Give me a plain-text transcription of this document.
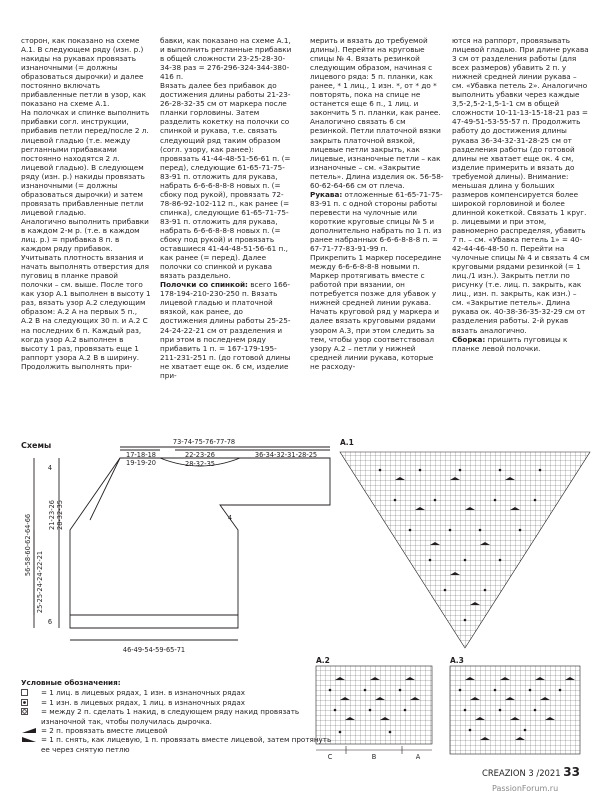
сторон, как показано на схеме А.1. В следующем ряду (изн. р.) накиды на рукавах провязать изнаночными (= должны образоваться дырочки) и далее постоянно включать прибавленные петли в узор, как показано на схеме А.1.

На полочках и спинке выполнить прибавки согл. инструкции, прибавив петли перед/после 2 л. лицевой гладью (т.е. между регланными прибавками постоянно находятся 2 л. лицевой гладью). В следующем ряду (изн. р.) накиды провязать изнаночными (= должны образоваться дырочки) и затем провязать прибавленные петли лицевой гладью.

Аналогично выполнить прибавки в каждом 2-м р. (т.е. в каждом лиц. р.) = прибавка 8 п. в каждом ряду прибавок. Учитывать плотность вязания и начать выполнять отверстия для пуговиц в планке правой полочки – см. выше. После того как узор А.1 выполнен в высоту 1 раз, вязать узор А.2 следующим образом: А.2 А на первых 5 п., А.2 В на следующих 30 п. и А.2 С на последних 6 п. Каждый раз, когда узор А.2 выполнен в высоту 1 раз, провязать еще 1 раппорт узора А.2 В в ширину. Продолжить выполнять при-

бавки, как показано на схеме А.1, и выполнить регланные прибавки в общей сложности 23-25-28-30-34-38 раз = 276-296-324-344-380-416 п.

Вязать далее без прибавок до достижения длины работы 21-23-26-28-32-35 см от маркера после планки горловины. Затем разделить кокетку на полочки со спинкой и рукава, т.е. связать следующий ряд таким образом (согл. узору, как ранее): провязать 41-44-48-51-56-61 п. (= перед), следующие 61-65-71-75-83-91 п. отложить для рукава, набрать 6-6-6-8-8-8 новых п. (= сбоку под рукой), провязать 72-78-86-92-102-112 п., как ранее (= спинка), следующие 61-65-71-75-83-91 п. отложить для рукава, набрать 6-6-6-8-8-8 новых п. (= сбоку под рукой) и провязать оставшиеся 41-44-48-51-56-61 п., как ранее (= перед). Далее полочки со спинкой и рукава вязать раздельно.

Полочки со спинкой: всего 166-178-194-210-230-250 п. Вязать лицевой гладью и платочной вязкой, как ранее, до достижения длины работы 25-25-24-24-22-21 см от разделения и при этом в последнем ряду прибавить 1 п. = 167-179-195-211-231-251 п. (до готовой длины не хватает еще ок. 6 см, изделие при-

мерить и вязать до требуемой длины). Перейти на круговые спицы № 4. Вязать резинкой следующим образом, начиная с лицевого ряда: 5 п. планки, как ранее, * 1 лиц., 1 изн. *, от * до * повторять, пока на спице не останется еще 6 п., 1 лиц. и закончить 5 п. планки, как ранее. Аналогично связать 6 см резинкой. Петли платочной вязки закрыть платочной вязкой, лицевые петли закрыть, как лицевые, изнаночные петли – как изнаночные – см. «Закрытие петель». Длина изделия ок. 56-58-60-62-64-66 см от плеча.

Рукава: отложенные 61-65-71-75-83-91 п. с одной стороны работы перевести на чулочные или короткие круговые спицы № 5 и дополнительно набрать по 1 п. из ранее набранных 6-6-6-8-8-8 п. = 67-71-77-83-91-99 п.

Прикрепить 1 маркер посередине между 6-6-6-8-8-8 новыми п. Маркер протягивать вместе с работой при вязании, он потребуется позже для убавок у нижней средней линии рукава.

Начать круговой ряд у маркера и далее вязать круговыми рядами узором А.3, при этом следить за тем, чтобы узор соответствовал узору А.2 – петли у нижней средней линии рукава, которые не расходу-

ются на раппорт, провязывать лицевой гладью. При длине рукава 3 см от разделения работы (для всех размеров) убавить 2 п. у нижней средней линии рукава – см. «Убавка петель 2». Аналогично выполнить убавки через каждые 3,5-2,5-2-1,5-1-1 см в общей сложности 10-11-13-15-18-21 раз = 47-49-51-53-55-57 п. Продолжить работу до достижения длины рукава 36-34-32-31-28-25 см от разделения работы (до готовой длины не хватает еще ок. 4 см, изделие примерить и вязать до требуемой длины). Внимание: меньшая длина у больших размеров компенсируется более широкой горловиной и более длинной кокеткой. Связать 1 круг. р. лицевыми и при этом, равномерно распределяя, убавить 7 п. – см. «Убавка петель 1» = 40-42-44-46-48-50 п. Перейти на чулочные спицы № 4 и связать 4 см круговыми рядами резинкой (= 1 лиц./1 изн.). Закрыть петли по рисунку (т.е. лиц. п. закрыть, как лиц., изн. п. закрыть, как изн.) – см. «Закрытие петель». Длина рукава ок. 40-38-36-35-32-29 см от разделения работы. 2-й рукав вязать аналогично.

Сборка: пришить пуговицы к планке левой полочки.

Схемы	73-74-75-76-77-78
17-18-18
19-19-20
22-23-26
28-32-35
36-34-32-31-28-25
21-23-26 28-32-35
56-58-60-62-64-66
25-25-24-24-22-21
4
4
6
46-49-54-59-65-71
C	B	A
А.1
А.2	А.3
Условные обозначения:
= 1 лиц. в лицевых рядах, 1 изн. в изнаночных рядах
= 1 изн. в лицевых рядах, 1 лиц. в изнаночных рядах
= между 2 п. сделать 1 накид, в следующем ряду накид провязать изнаночной так, чтобы получилась дырочка.
= 2 п. провязать вместе лицевой
= 1 п. снять, как лицевую, 1 п. провязать вместе лицевой, затем протянуть ее через снятую петлю
CREAZION 3 /2021 33
PassionForum.ru
